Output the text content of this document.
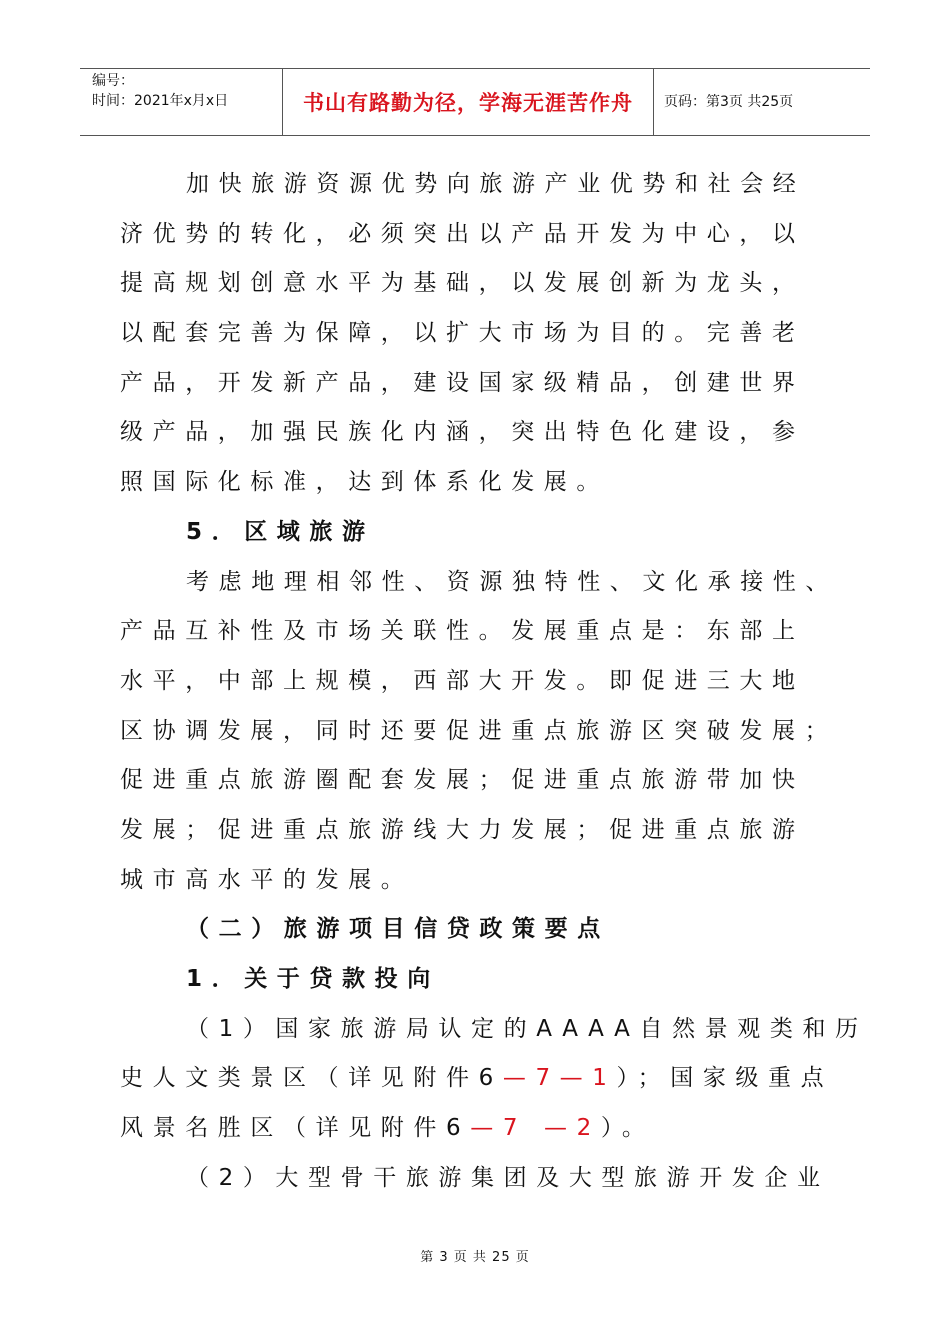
编号：
时间：2021年x月x日	书山有路勤为径，学海无涯苦作舟 页码：第3页 共25页
加快旅游资源优势向旅游产业优势和社会经
济优势的转化，必须突出以产品开发为中心，以
提高规划创意水平为基础，以发展创新为龙头，
以配套完善为保障，以扩大市场为目的。完善老
产品，开发新产品，建设国家级精品，创建世界
级产品，加强民族化内涵，突出特色化建设，参
照国际化标准，达到体系化发展。
5．区域旅游
考虑地理相邻性、资源独特性、文化承接性、
产品互补性及市场关联性。发展重点是：东部上
水平，中部上规模，西部大开发。即促进三大地
区协调发展，同时还要促进重点旅游区突破发展；
促进重点旅游圈配套发展；促进重点旅游带加快
发展；促进重点旅游线大力发展；促进重点旅游
城市高水平的发展。
（二）旅游项目信贷政策要点
1．关于贷款投向
（1）国家旅游局认定的AAAA自然景观类和历
史人文类景区（详见附件6—7—1）；国家级重点
风景名胜区（详见附件6—7 —2）。
（2）大型骨干旅游集团及大型旅游开发企业
第 3 页 共 25 页
